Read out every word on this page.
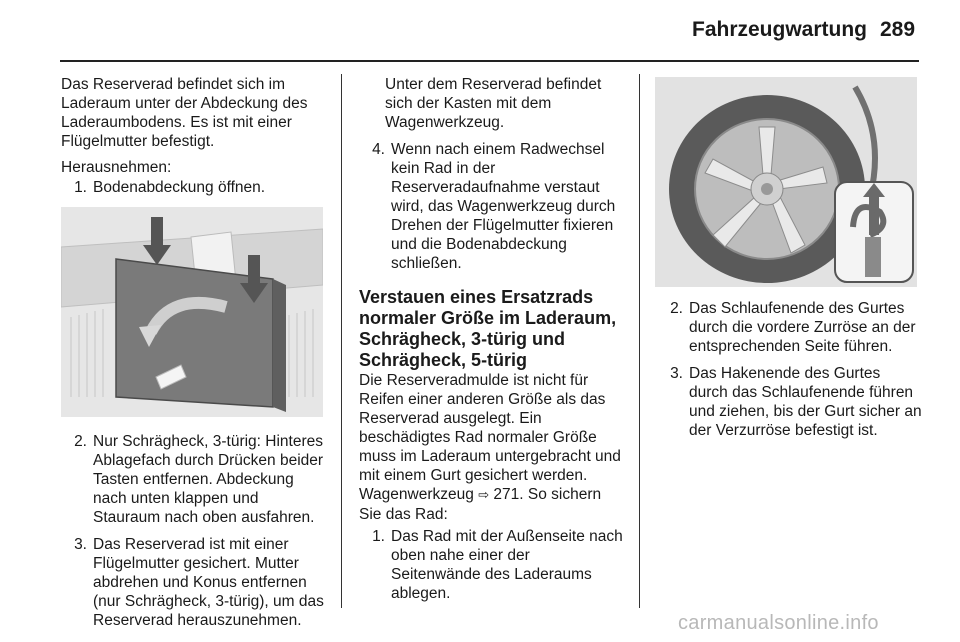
Fahrzeugwartung 289

Das Reserverad befindet sich im Laderaum unter der Abdeckung des Laderaumbodens. Es ist mit einer Flügelmutter befestigt.

Herausnehmen:

1. Bodenabdeckung öffnen.
2. Nur Schrägheck, 3-türig: Hinteres Ablagefach durch Drücken beider Tasten entfernen. Abdeckung nach unten klappen und Stauraum nach oben ausfahren.
3. Das Reserverad ist mit einer Flügelmutter gesichert. Mutter abdrehen und Konus entfernen (nur Schrägheck, 3-türig), um das Reserverad herauszunehmen.

Unter dem Reserverad befindet sich der Kasten mit dem Wagenwerkzeug.

4. Wenn nach einem Radwechsel kein Rad in der Reserveradaufnahme verstaut wird, das Wagenwerkzeug durch Drehen der Flügelmutter fixieren und die Bodenabdeckung schließen.
Verstauen eines Ersatzrads normaler Größe im Laderaum, Schrägheck, 3-türig und Schrägheck, 5-türig

Die Reserveradmulde ist nicht für Reifen einer anderen Größe als das Reserverad ausgelegt. Ein beschädigtes Rad normaler Größe muss im Laderaum untergebracht und mit einem Gurt gesichert werden. Wagenwerkzeug ⇨ 271. So sichern Sie das Rad:

1. Das Rad mit der Außenseite nach oben nahe einer der Seitenwände des Laderaums ablegen.
2. Das Schlaufenende des Gurtes durch die vordere Zurröse an der entsprechenden Seite führen.
3. Das Hakenende des Gurtes durch das Schlaufenende führen und ziehen, bis der Gurt sicher an der Verzurröse befestigt ist.
carmanualsonline.info
